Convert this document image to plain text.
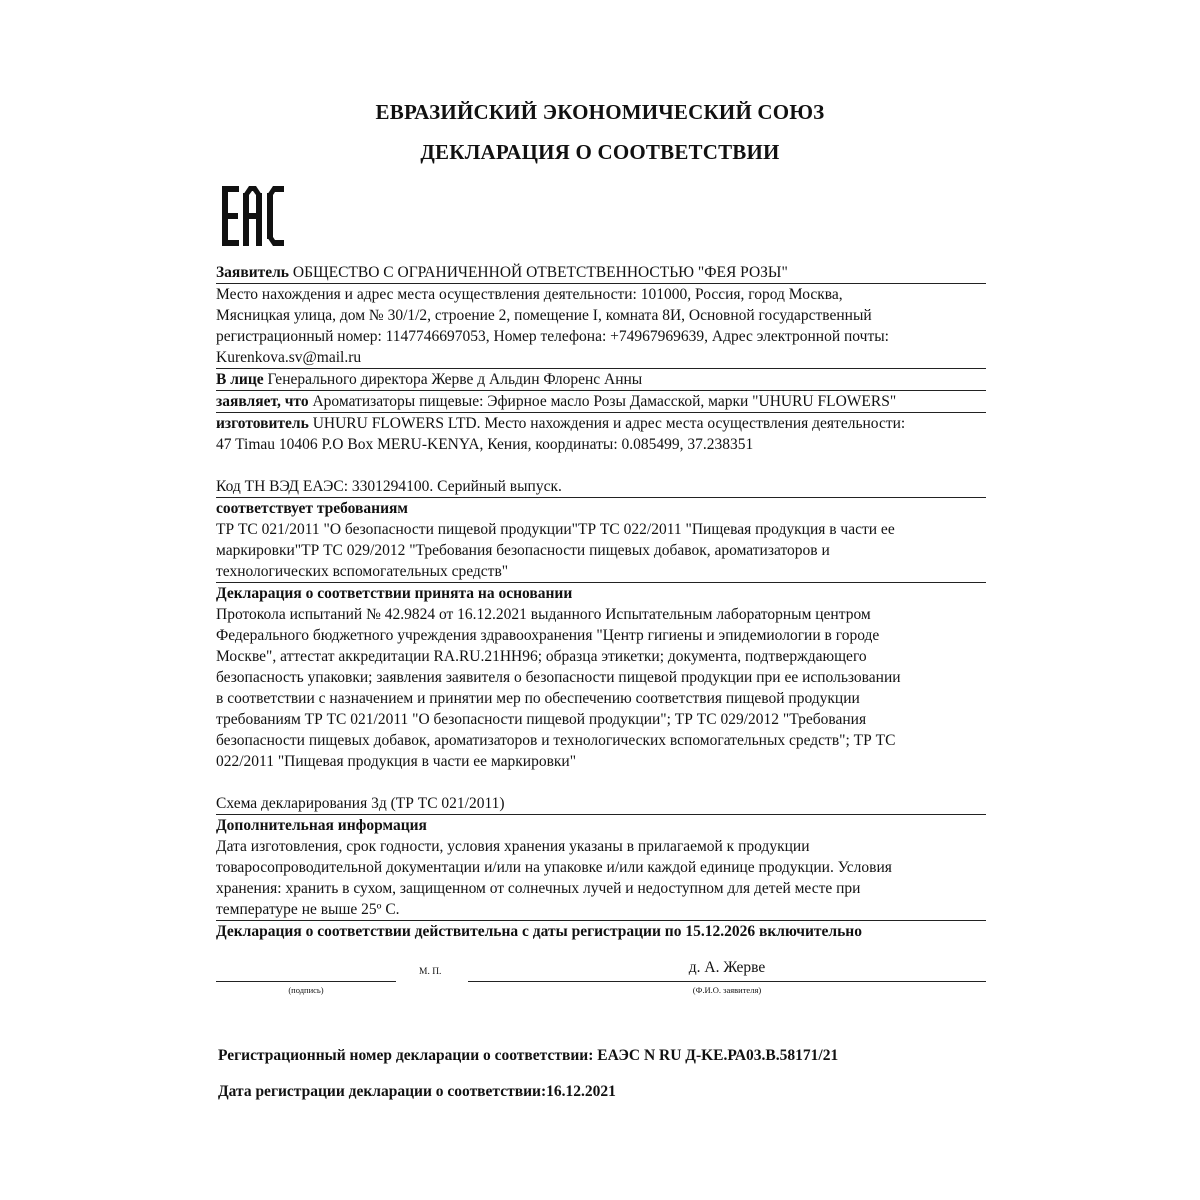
ЕВРАЗИЙСКИЙ ЭКОНОМИЧЕСКИЙ СОЮЗ
ДЕКЛАРАЦИЯ О СООТВЕТСТВИИ
Заявитель ОБЩЕСТВО С ОГРАНИЧЕННОЙ ОТВЕТСТВЕННОСТЬЮ "ФЕЯ РОЗЫ"
Место нахождения и адрес места осуществления деятельности: 101000, Россия, город Москва,
Мясницкая улица, дом № 30/1/2, строение 2, помещение I, комната 8И, Основной государственный
регистрационный номер: 1147746697053, Номер телефона: +74967969639, Адрес электронной почты:
Kurenkova.sv@mail.ru
В лице Генерального директора Жерве д Альдин Флоренс Анны
заявляет, что Ароматизаторы пищевые: Эфирное масло Розы Дамасской, марки "UHURU FLOWERS"
изготовитель UHURU FLOWERS LTD. Место нахождения и адрес места осуществления деятельности:
47 Timau 10406 P.O Box MERU-KENYA, Кения, координаты: 0.085499, 37.238351
Код ТН ВЭД ЕАЭС: 3301294100. Серийный выпуск.
соответствует требованиям
ТР ТС 021/2011 "О безопасности пищевой продукции"ТР ТС 022/2011 "Пищевая продукция в части ее
маркировки"ТР ТС 029/2012 "Требования безопасности пищевых добавок, ароматизаторов и
технологических вспомогательных средств"
Декларация о соответствии принята на основании
Протокола испытаний № 42.9824 от 16.12.2021 выданного Испытательным лабораторным центром
Федерального бюджетного учреждения здравоохранения "Центр гигиены и эпидемиологии в городе
Москве", аттестат аккредитации RA.RU.21НН96; образца этикетки; документа, подтверждающего
безопасность упаковки; заявления заявителя о безопасности пищевой продукции при ее использовании
в соответствии с назначением и принятии мер по обеспечению соответствия пищевой продукции
требованиям ТР ТС 021/2011 "О безопасности пищевой продукции"; ТР ТС 029/2012 "Требования
безопасности пищевых добавок, ароматизаторов и технологических вспомогательных средств"; ТР ТС
022/2011 "Пищевая продукция в части ее маркировки"
Схема декларирования 3д (ТР ТС 021/2011)
Дополнительная информация
Дата изготовления, срок годности, условия хранения указаны в прилагаемой к продукции
товаросопроводительной документации и/или на упаковке и/или каждой единице продукции. Условия
хранения: хранить в сухом, защищенном от солнечных лучей и недоступном для детей месте при
температуре не выше 25º С.
Декларация о соответствии действительна с даты регистрации по 15.12.2026 включительно
М. П.	д. А. Жерве
(подпись)	(Ф.И.О. заявителя)
Регистрационный номер декларации о соответствии: ЕАЭС N RU Д-KE.РА03.В.58171/21
Дата регистрации декларации о соответствии:16.12.2021
